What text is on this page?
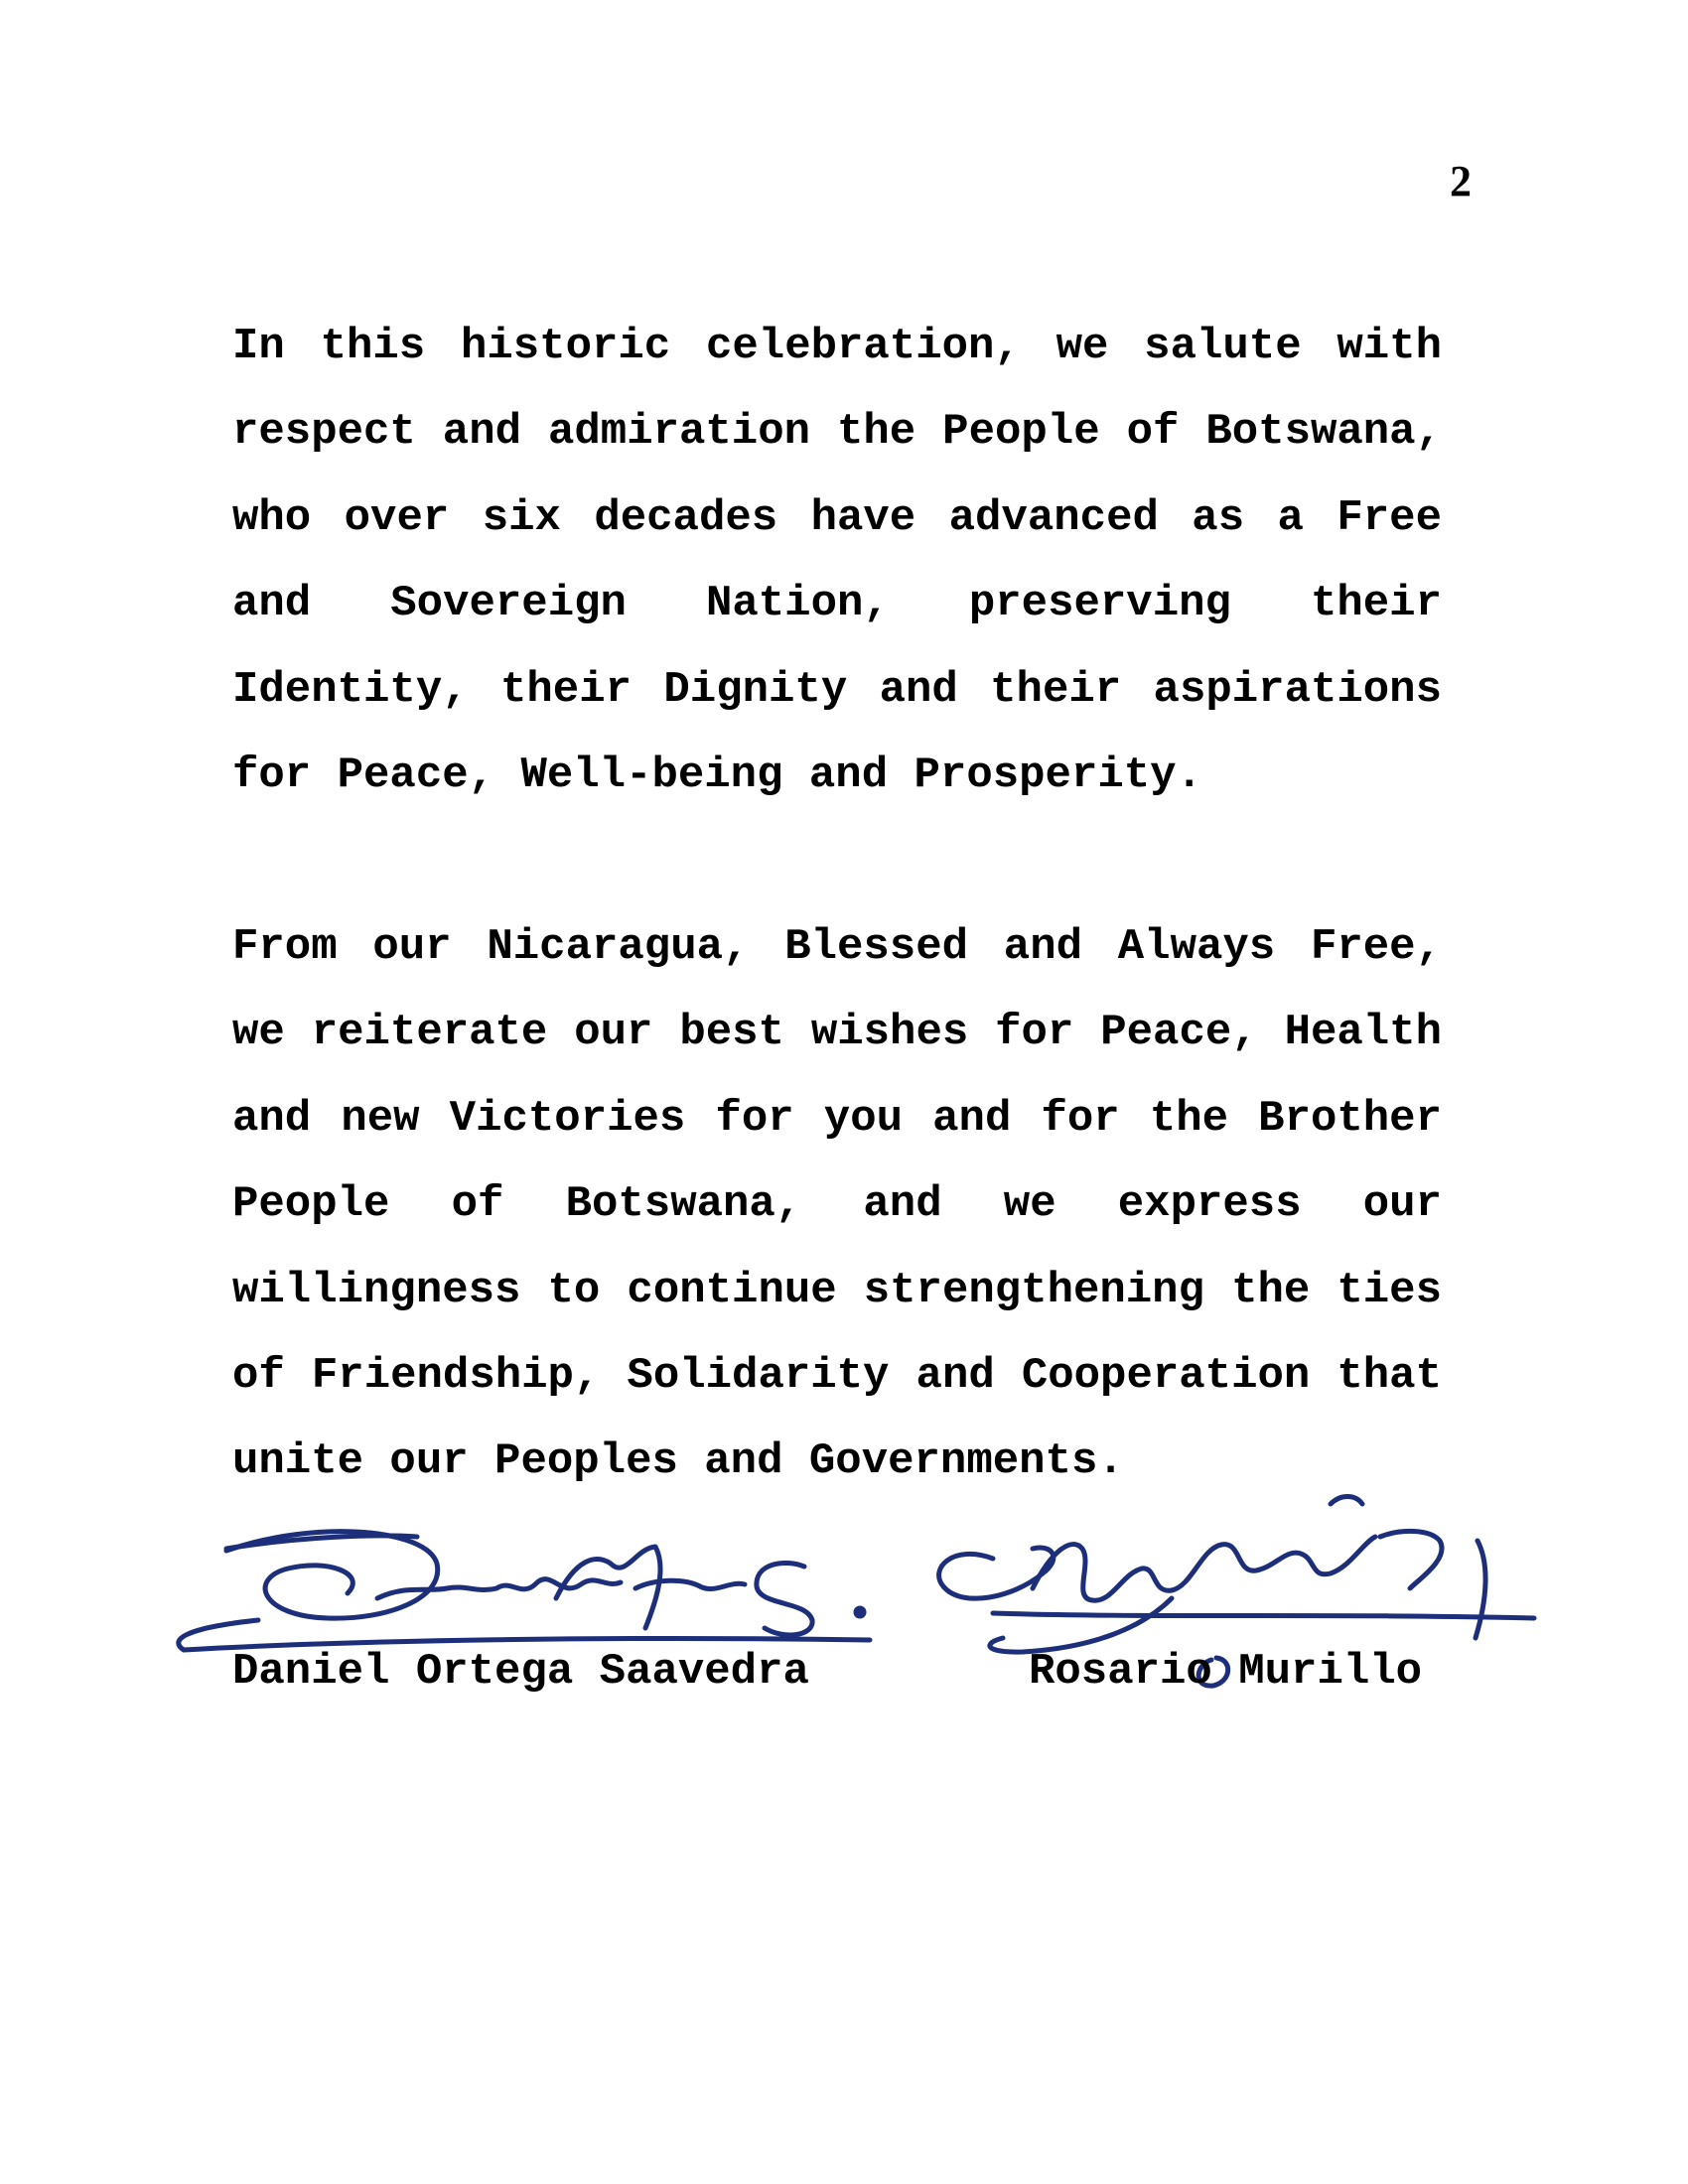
2

In this historic celebration, we salute with respect and admiration the People of Botswana, who over six decades have advanced as a Free and Sovereign Nation, preserving their Identity, their Dignity and their aspirations for Peace, Well-being and Prosperity.

From our Nicaragua, Blessed and Always Free, we reiterate our best wishes for Peace, Health and new Victories for you and for the Brother People of Botswana, and we express our willingness to continue strengthening the ties of Friendship, Solidarity and Cooperation that unite our Peoples and Governments.

Daniel Ortega Saavedra	Rosario Murillo
